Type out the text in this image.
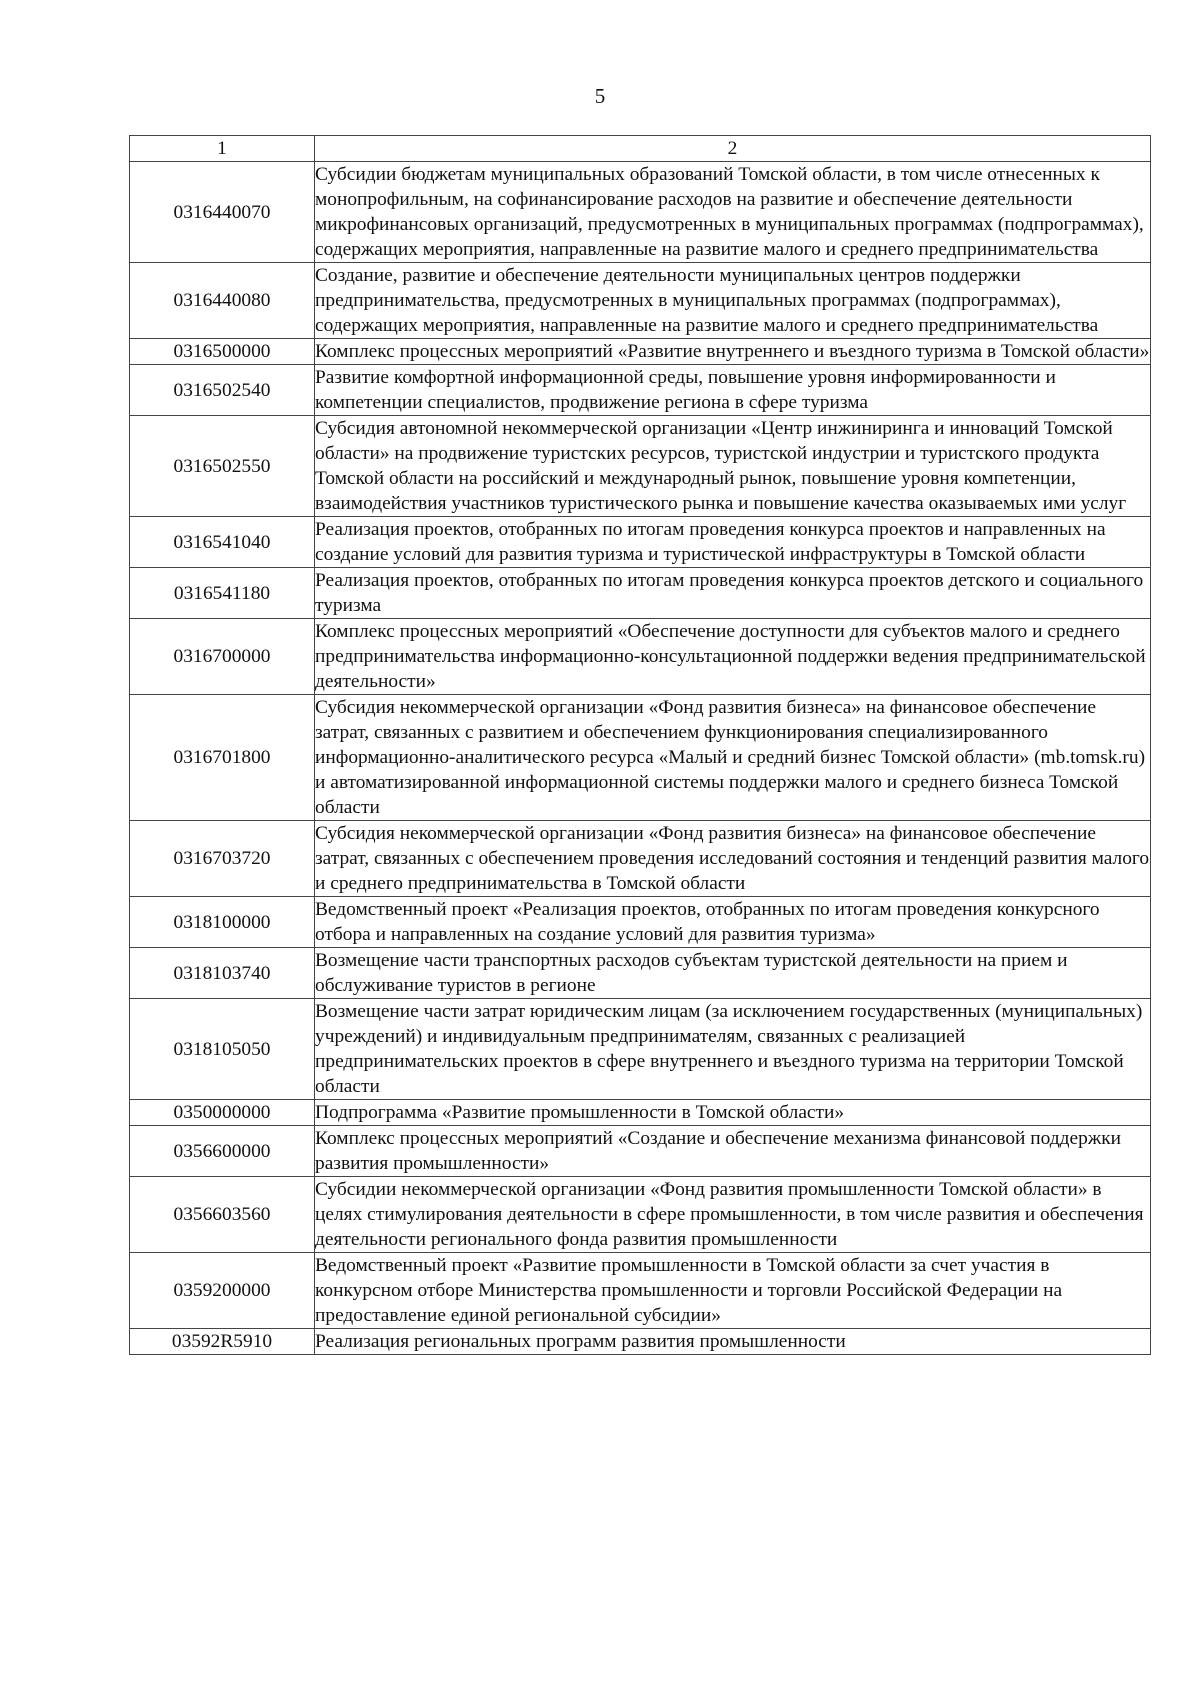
5
1	2
0316440070	Субсидии бюджетам муниципальных образований Томской области, в том числе отнесенных к монопрофильным, на софинансирование расходов на развитие и обеспечение деятельности микрофинансовых организаций, предусмотренных в муниципальных программах (подпрограммах), содержащих мероприятия, направленные на развитие малого и среднего предпринимательства
0316440080	Создание, развитие и обеспечение деятельности муниципальных центров поддержки предпринимательства, предусмотренных в муниципальных программах (подпрограммах), содержащих мероприятия, направленные на развитие малого и среднего предпринимательства
0316500000	Комплекс процессных мероприятий «Развитие внутреннего и въездного туризма в Томской области»
0316502540	Развитие комфортной информационной среды, повышение уровня информированности и компетенции специалистов, продвижение региона в сфере туризма
0316502550	Субсидия автономной некоммерческой организации «Центр инжиниринга и инноваций Томской области» на продвижение туристских ресурсов, туристской индустрии и туристского продукта Томской области на российский и международный рынок, повышение уровня компетенции, взаимодействия участников туристического рынка и повышение качества оказываемых ими услуг
0316541040	Реализация проектов, отобранных по итогам проведения конкурса проектов и направленных на создание условий для развития туризма и туристической инфраструктуры в Томской области
0316541180	Реализация проектов, отобранных по итогам проведения конкурса проектов детского и социального туризма
0316700000	Комплекс процессных мероприятий «Обеспечение доступности для субъектов малого и среднего предпринимательства информационно-консультационной поддержки ведения предпринимательской деятельности»
0316701800	Субсидия некоммерческой организации «Фонд развития бизнеса» на финансовое обеспечение затрат, связанных с развитием и обеспечением функционирования специализированного информационно-аналитического ресурса «Малый и средний бизнес Томской области» (mb.tomsk.ru) и автоматизированной информационной системы поддержки малого и среднего бизнеса Томской области
0316703720	Субсидия некоммерческой организации «Фонд развития бизнеса» на финансовое обеспечение затрат, связанных с обеспечением проведения исследований состояния и тенденций развития малого и среднего предпринимательства в Томской области
0318100000	Ведомственный проект «Реализация проектов, отобранных по итогам проведения конкурсного отбора и направленных на создание условий для развития туризма»
0318103740	Возмещение части транспортных расходов субъектам туристской деятельности на прием и обслуживание туристов в регионе
0318105050	Возмещение части затрат юридическим лицам (за исключением государственных (муниципальных) учреждений) и индивидуальным предпринимателям, связанных с реализацией предпринимательских проектов в сфере внутреннего и въездного туризма на территории Томской области
0350000000	Подпрограмма «Развитие промышленности в Томской области»
0356600000	Комплекс процессных мероприятий «Создание и обеспечение механизма финансовой поддержки развития промышленности»
0356603560	Субсидии некоммерческой организации «Фонд развития промышленности Томской области» в целях стимулирования деятельности в сфере промышленности, в том числе развития и обеспечения деятельности регионального фонда развития промышленности
0359200000	Ведомственный проект «Развитие промышленности в Томской области за счет участия в конкурсном отборе Министерства промышленности и торговли Российской Федерации на предоставление единой региональной субсидии»
03592R5910	Реализация региональных программ развития промышленности
